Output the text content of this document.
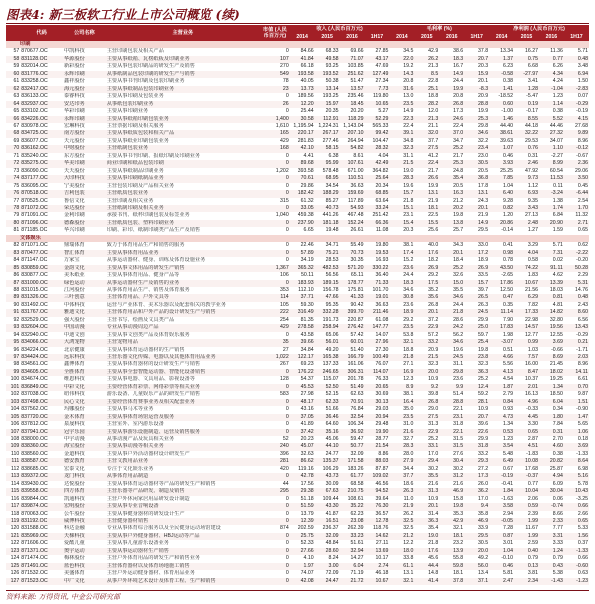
图表4: 新三板软工行业上市公司概览 (续)
	代码	公司名称	主营业务	市值 (人民币百万元)	收入 (人民币百万元)				毛利率 (%)				净利润 (人民币百万元)			
					2014	2015	2016	1H17	2014	2015	2016	1H17	2014	2015	2016	1H17
印刷																
57	870677.OC	中凯科技	主营印刷包装及相关产品	0	84.66	68.33	69.66	27.85	34.5	42.9	38.6	37.8	13.34	16.27	11.36	5.71
58	831128.OC	华源股份	主要从事纸箱、瓦楞纸板及印刷业务	107	41.84	49.58	71.07	43.17	22.0	26.2	18.3	20.7	1.37	0.75	0.77	0.48
59	832014.OC	新彩股份	主要从事包装印刷品的研发生产及销售	270	66.18	93.25	103.85	47.69	19.2	21.3	16.7	20.3	6.23	6.68	6.26	3.48
60	831776.OC	永辉印刷	从事纸制品包装印刷的研发生产与销售	549	193.58	193.52	251.62	127.49	14.3	8.5	14.9	15.9	-0.58	-27.97	4.34	6.94
61	833258.OC	鑫祥股份	主要从事书刊印刷及包装印刷业务	78	40.05	50.38	51.47	27.34	20.8	22.8	24.4	20.1	0.38	3.41	4.24	1.50
62	832417.OC	海元股份	主要从事纸制品包装印刷业务	23	13.73	13.14	13.57	7.73	31.6	25.1	19.9	-8.3	1.41	1.28	-1.04	-2.83
63	836133.OC	泰睿科技	主要从事印刷及包装业务	0	189.56	193.25	235.46	119.80	13.0	18.8	20.8	20.9	-18.52	-5.47	1.23	0.07
64	832937.OC	安达印务	从事纸包装印刷业务	26	12.20	15.97	18.45	10.65	23.5	28.2	26.8	28.8	0.60	0.19	1.14	-0.29
65	833102.OC	华彩印刷	主要从事印刷业务	0	25.44	20.35	20.20	5.27	14.9	12.0	17.3	19.9	-1.00	-0.17	0.38	-0.19
66	834226.OC	永辉印刷	主要从事纸箱印刷包装业务	1,400	30.58	112.91	118.29	52.29	22.3	21.3	24.6	25.3	1.46	8.55	5.52	4.15
67	830978.OC	宏琳科技	主营票据印刷及相关服务	1,610	1,195.94	1,224.31	1,143.04	565.33	22.4	21.1	22.4	29.8	44.40	44.18	44.46	27.68
68	834725.OC	南方股份	主要从事纸质包装和相关产品	165	220.17	267.17	207.10	99.42	39.1	32.0	37.0	34.6	38.61	32.22	27.32	9.89
69	836077.OC	天元股份	主要从事纸业印刷包装业务	429	281.83	277.46	264.94	104.47	34.8	37.7	34.7	32.2	39.63	29.53	34.07	8.96
70	836162.OC	中财股份	主营纸制包装业务	168	42.10	58.15	54.82	28.32	32.3	27.5	25.2	23.4	1.07	0.76	1.10	-0.12
71	835240.OC	东方股份	主要从事书刊印刷、报纸印刷及印刷业务	0	4.41	6.38	8.61	4.04	31.1	41.2	21.7	23.0	0.46	0.31	-2.27	-0.67
72	835275.OC	华美印刷	商业印刷和纸品包装印刷	0	89.68	95.99	107.61	42.49	21.5	22.4	25.3	30.5	3.93	2.46	8.99	2.36
73	836090.OC	天天股份	主要从事纸制品印刷业务	1,202	393.58	578.48	671.00	364.82	19.0	21.7	24.8	20.5	25.25	47.92	60.54	29.06
74	837177.OC	大印科技	主要从事印刷纸制品业务	0	70.61	68.95	110.51	25.64	28.3	26.6	35.4	36.8	7.85	9.73	11.53	3.50
75	836095.OC	宁美股份	主营包装印刷及产品相关业务	0	29.86	34.54	36.63	20.34	19.6	19.9	20.5	17.8	1.04	1.12	0.11	0.45
76	870518.OC	吉利包装	主营纸质包装业务	0	182.42	188.29	159.69	68.85	15.7	13.1	16.3	13.1	6.40	6.93	-3.24	-6.44
77	870525.OC	鲁信文化	主营印刷及相关业务	315	61.32	85.27	117.89	63.64	21.8	21.9	21.2	24.3	9.28	9.35	1.38	2.54
78	871072.OC	荣达股份	主营纸制印刷及相关业务	0	33.05	40.73	54.93	33.24	15.1	18.1	20.2	20.1	0.82	3.43	1.74	1.70
79	871091.OC	金利印刷	承接书刊、纸杯印刷包装及标签业务	1,040	459.38	441.26	467.48	251.42	23.1	22.5	19.8	21.9	1.20	27.13	6.84	11.32
80	871096.OC	德森股份	主营纸质包装、塑料印刷业务	0	237.90	181.18	152.24	66.36	15.4	15.5	13.8	14.9	20.86	2.48	20.90	2.71
81	871185.OC	华兴印刷	印刷、彩印、纸制印刷类产品生产及销售	0	6.65	19.48	26.61	11.08	20.3	25.6	25.7	29.5	-0.14	1.27	1.59	0.65
文体娱乐																
82	871071.OC	鼎瑞体育	致力于体育用品生产和销售的服务	0	22.46	34.71	55.49	19.80	38.1	40.0	34.3	33.0	0.41	3.29	5.71	0.62
83	870477.OC	智汇体育	主要从事体育用品业务	0	57.89	75.21	70.73	19.53	17.4	17.6	20.1	17.2	0.98	4.04	7.31	-2.22
84	871147.OC	万家宝	从事运动器材、健身、训练及体育设施业务	0	34.19	28.53	30.35	16.93	15.2	18.2	18.4	18.9	0.78	0.58	0.02	-0.20
85	830859.OC	金韵文化	主要从事文体用品的研发生产销售	1,367	365.32	482.53	571.20	330.22	23.6	26.9	25.2	26.9	43.50	74.22	91.11	50.28
86	830877.OC	美禾纸业	主要从事体育用品、健身产品等	106	50.11	56.56	65.11	36.40	24.4	29.2	32.6	33.5	-2.65	1.83	4.62	2.29
87	831000.OC	绿色运动	从事运动器材生产及销售的业务	0	183.93	189.15	178.77	71.33	18.3	17.5	15.0	15.7	17.86	10.67	13.39	5.31
88	831015.OC	江河股份	从事体育用品生产、销售及体育服务	353	112.10	156.78	175.81	101.70	34.6	35.2	35.5	39.7	12.50	21.56	18.03	14.76
89	831326.OC	三叶创意	主营体育用品、户外文具等	114	37.71	47.66	41.33	19.01	30.8	35.6	34.6	26.5	0.47	6.29	0.81	0.48
90	831492.OC	中体科技	运营与产业体育、美术乐器以及配套相关的教学业务	105	59.30	95.35	90.42	36.63	23.6	26.8	24.4	26.3	0.35	7.82	4.81	2.43
91	831767.OC	雅迪文化	主营体育用品和户外产品的设计研发生产与销售	222	316.49	332.28	399.70	211.46	18.9	20.1	21.8	24.5	11.14	17.33	14.82	8.60
92	832529.OC	强大股份	主营书写、绘画及文具类产品	254	81.35	191.73	220.87	61.08	29.2	37.2	28.6	29.9	7.90	22.98	32.80	6.56
93	832604.OC	中国动漫	专业从事动漫周边产品	429	278.58	258.94	276.42	147.77	23.5	22.9	24.2	25.0	17.83	14.57	19.56	13.43
94	832940.OC	中迪文创	主要从事文创类产品及体育娱乐服务	0	43.58	65.06	57.42	14.07	53.8	57.2	56.2	59.7	1.98	12.77	12.55	-0.29
95	834066.OC	大鸿宠物	主营宠物用品	35	39.66	56.01	60.01	27.96	32.1	33.2	34.6	25.4	-3.07	0.99	3.69	0.21
96	834224.OC	北京健康	主要从事体育运动器材的生产销售	27	34.84	49.20	51.40	27.30	18.8	20.9	19.6	19.8	0.51	1.03	-0.66	-1.71
97	834424.OC	远东科技	主营乐器文化传媒、电器以及其他体育用品业务	1,022	122.17	165.38	166.79	100.49	21.8	21.5	24.5	23.8	4.66	7.57	8.69	2.03
98	834561.OC	鑫博体育	主要从事体育器材的设计研发生产与销售	267	69.23	137.33	161.06	76.07	27.1	32.3	31.1	32.3	5.56	16.00	21.45	8.96
99	834605.OC	全胜体育	主要从事全套智能运动器、智能化设备销售	0	176.22	246.65	306.31	114.07	16.9	20.0	29.8	36.3	4.13	8.47	18.02	14.11
100	834674.OC	维恩科技	主要从事电器、文具用品、影视设备等	128	54.37	115.07	201.78	76.33	12.3	10.9	23.6	25.2	4.54	10.37	19.25	6.61
101	836849.OC	中彩文化	主要经营体育彩票、网络彩票等相关业务	0	45.53	52.50	51.49	20.65	8.9	9.2	9.9	12.4	1.87	2.01	1.34	0.70
102	837038.OC	纽伟科技	游乐设备、儿童娱乐产品的研发生产销售	583	27.98	52.15	62.63	30.69	38.1	39.8	51.4	59.2	2.79	16.13	18.50	9.87
103	837498.OC	民心文化	主要经营体育赛事业务及相关配套业务	0	48.17	62.33	70.91	30.13	16.4	26.8	28.8	28.1	0.84	4.96	6.04	1.51
104	837562.OC	玛娜股份	主要从事马术等业务	0	43.16	51.66	76.84	29.03	35.0	29.0	22.1	10.9	0.93	-0.33	0.34	-0.90
105	837720.OC	金木体育	主要从事体育场馆运营及服务	0	37.05	36.46	32.54	20.94	23.5	27.5	23.1	20.7	4.73	4.45	1.80	1.47
106	837812.OC	泉晟科技	主营室外、室内游乐设备	0	41.89	64.60	106.34	29.48	31.0	31.3	31.8	39.6	1.34	3.30	7.84	5.65
107	837941.OC	冠宇乐园	主要从事游乐设施制造、运营及销售服务	0	37.42	35.16	36.92	19.90	21.6	22.9	22.1	22.6	0.53	0.65	0.31	1.06
108	838000.OC	中宇动漫	从事动漫产品及玩具相关业务	52	20.23	45.06	59.47	28.77	32.7	25.2	31.5	29.9	1.23	2.87	2.70	0.18
109	838360.OC	海宝股份	主要从事动漫等相关业务	240	45.07	44.10	50.77	21.54	28.3	33.1	31.5	31.8	3.54	4.51	4.60	3.69
110	838560.OC	金道科技	主要从事户外活动器材设计研发生产	396	32.63	24.77	32.09	8.86	28.0	17.0	27.6	33.2	5.48	-1.83	0.38	-1.33
111	838587.OC	德安教育	主营文教用品业务	281	86.62	135.37	171.58	88.03	27.9	29.4	30.4	29.3	6.49	10.08	20.82	8.64
112	838685.OC	宏泰文化	专注于文化娱乐业务	420	119.16	106.29	183.26	87.87	34.4	30.2	30.2	27.2	0.67	17.68	25.87	6.98
113	839372.OC	龙门科技	从事体育用品制造	0	42.78	43.73	61.77	109.02	37.7	35.5	31.2	17.3	-0.19	-0.37	4.94	5.16
114	839430.OC	达悦股份	主要从事体育运动器材等产品的研发生产和销售	44	17.56	30.09	68.58	46.56	18.6	21.6	21.6	26.0	-0.41	0.77	6.09	5.78
115	839558.OC	四方体育	主营乐器等产品研发、制造及销售	295	29.38	67.63	210.75	94.52	26.3	31.3	46.9	36.2	1.84	10.04	30.04	10.43
116	839844.OC	凯通科技	主营户外休闲家居用品研发设计制造	0	51.18	109.44	108.61	39.64	11.0	10.9	15.8	17.0	-1.63	2.06	0.06	-3.25
117	839874.OC	宏明股份	主要从事专业音响设备	0	51.59	43.30	35.22	76.30	21.9	20.1	19.8	9.4	3.58	0.59	-0.74	0.66
118	870063.OC	公牛股份	主要从事健身器材的研发设计生产	0	13.79	41.87	62.23	36.57	26.2	31.4	35.3	35.8	2.94	2.39	8.66	2.66
119	831192.OC	威博科技	主营健身器材销售	0	12.39	16.51	23.08	12.78	32.5	36.3	42.9	46.9	-0.05	1.99	2.33	0.65
120	831588.OC	科达金融	专业从事体育综合服务以及全民健身运动场馆建设	874	202.59	236.37	262.39	118.76	32.5	35.4	32.1	33.9	7.28	11.67	7.77	5.33
121	835969.OC	天梯科技	主要从事户外健身器材、HBJ运动等产品	0	25.75	32.09	33.23	14.62	21.2	19.0	18.1	29.5	0.87	1.99	3.31	1.56
122	871606.OC	爱酷儿童	主要从事儿童游乐设备业务	0	52.33	48.84	51.61	27.11	12.2	21.8	23.2	30.5	3.01	2.59	3.33	0.37
123	871371.OC	奥宇运动	主要从事运动器材生产销售	0	27.66	28.60	32.94	13.69	18.0	17.6	13.9	20.0	1.04	0.40	1.24	-1.33
124	871474.OC	梅林股份	主营户外体育用品的研发生产和销售业务	0	4.10	8.24	14.27	10.17	33.8	45.6	55.8	49.2	-0.10	0.79	0.79	0.66
125	871491.OC	蓝色科技	主营体育器材以及体育场地施工销售	0	1.97	3.00	6.04	2.74	61.1	44.4	59.8	56.0	0.46	0.13	0.43	-0.60
126	871532.OC	美盛体育	主营户外运动健身器材、体育用品业务	0	74.07	72.09	71.19	46.18	13.1	14.8	18.1	13.4	5.81	3.81	5.38	0.63
127	871523.OC	中广文化	从事户外环境艺术设计及体育工程、生产和销售	0	42.08	24.47	21.72	10.67	32.1	41.4	37.8	37.1	2.47	2.34	-1.43	-1.23
资料来源: 万得资讯, 中金公司研究部
